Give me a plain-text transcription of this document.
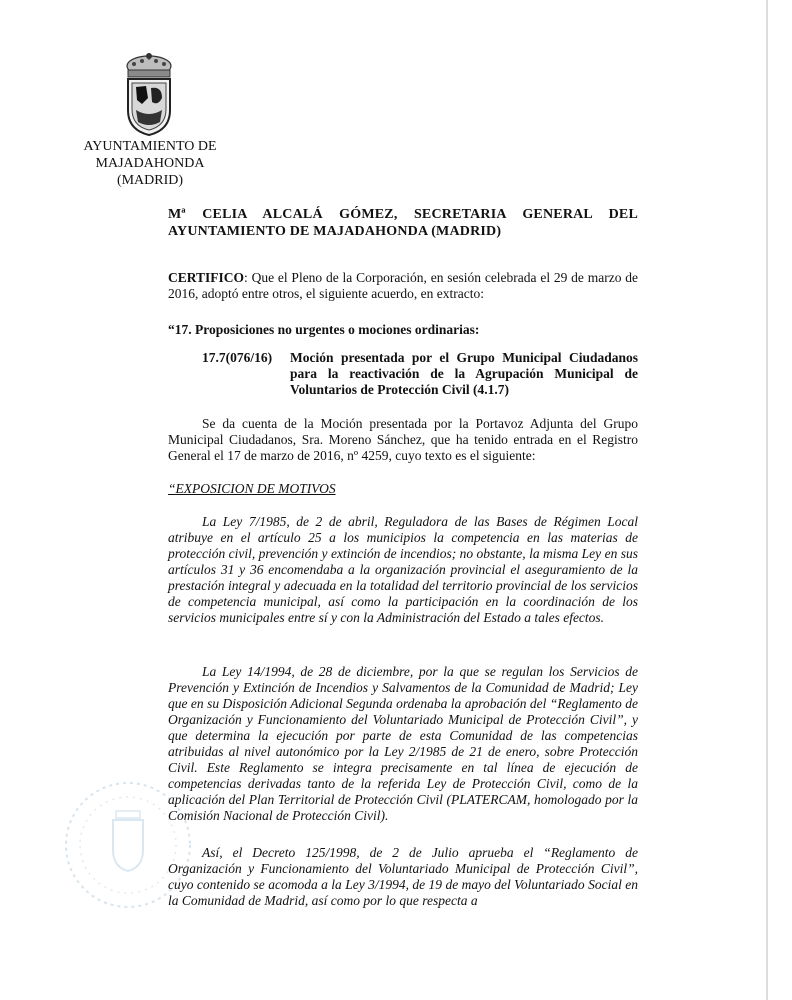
AYUNTAMIENTO DE
MAJADAHONDA
(MADRID)
Mª CELIA ALCALÁ GÓMEZ, SECRETARIA GENERAL DEL AYUNTAMIENTO DE MAJADAHONDA (MADRID)
CERTIFICO: Que el Pleno de la Corporación, en sesión celebrada el 29 de marzo de 2016, adoptó entre otros, el siguiente acuerdo, en extracto:
“17. Proposiciones no urgentes o mociones ordinarias:
17.7(076/16) Moción presentada por el Grupo Municipal Ciudadanos para la reactivación de la Agrupación Municipal de Voluntarios de Protección Civil (4.1.7)
Se da cuenta de la Moción presentada por la Portavoz Adjunta del Grupo Municipal Ciudadanos, Sra. Moreno Sánchez, que ha tenido entrada en el Registro General el 17 de marzo de 2016, nº 4259, cuyo texto es el siguiente:
“EXPOSICION DE MOTIVOS
La Ley 7/1985, de 2 de abril, Reguladora de las Bases de Régimen Local atribuye en el artículo 25 a los municipios la competencia en las materias de protección civil, prevención y extinción de incendios; no obstante, la misma Ley en sus artículos 31 y 36 encomendaba a la organización provincial el aseguramiento de la prestación integral y adecuada en la totalidad del territorio provincial de los servicios de competencia municipal, así como la participación en la coordinación de los servicios municipales entre sí y con la Administración del Estado a tales efectos.
La Ley 14/1994, de 28 de diciembre, por la que se regulan los Servicios de Prevención y Extinción de Incendios y Salvamentos de la Comunidad de Madrid; Ley que en su Disposición Adicional Segunda ordenaba la aprobación del “Reglamento de Organización y Funcionamiento del Voluntariado Municipal de Protección Civil”, y que determina la ejecución por parte de esta Comunidad de las competencias atribuidas al nivel autonómico por la Ley 2/1985 de 21 de enero, sobre Protección Civil. Este Reglamento se integra precisamente en tal línea de ejecución de competencias derivadas tanto de la referida Ley de Protección Civil, como de la aplicación del Plan Territorial de Protección Civil (PLATERCAM, homologado por la Comisión Nacional de Protección Civil).
Así, el Decreto 125/1998, de 2 de Julio aprueba el “Reglamento de Organización y Funcionamiento del Voluntariado Municipal de Protección Civil”, cuyo contenido se acomoda a la Ley 3/1994, de 19 de mayo del Voluntariado Social en la Comunidad de Madrid, así como por lo que respecta a
